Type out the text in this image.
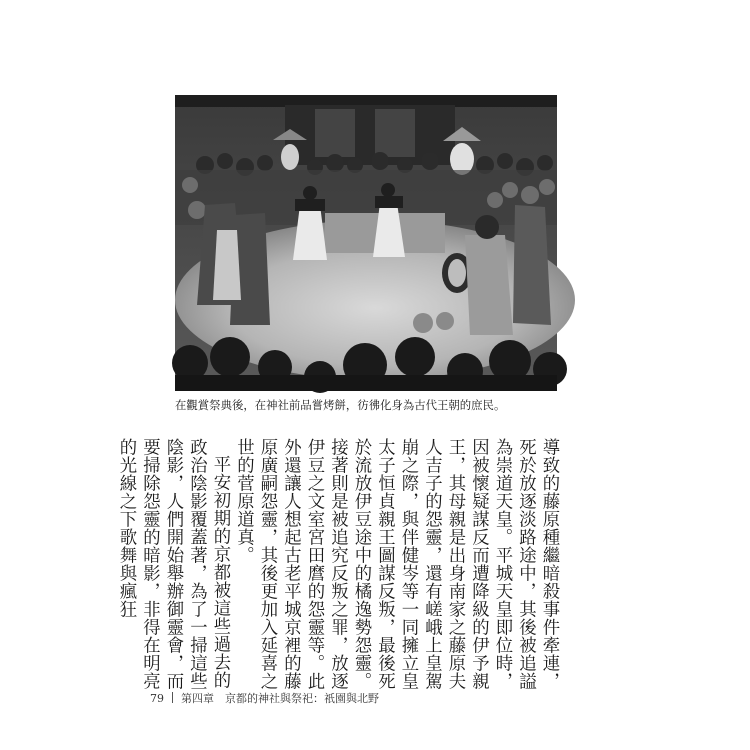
在觀賞祭典後，在神社前品嘗烤餅，彷彿化身為古代王朝的庶民。

導致的藤原種繼暗殺事件牽連，死於放逐淡路途中，其後被追謚為崇道天皇。平城天皇即位時，因被懷疑謀反而遭降級的伊予親王，其母親是出身南家之藤原夫人吉子的怨靈，還有嵯峨上皇駕崩之際，與伴健岑等一同擁立皇太子恒貞親王圖謀反叛，最後死於流放伊豆途中的橘逸勢怨靈。接著則是被追究反叛之罪，放逐伊豆之文室宮田麿的怨靈等。此外還讓人想起古老平城京裡的藤原廣嗣怨靈，其後更加入延喜之世的菅原道真。

平安初期的京都被這些過去的政治陰影覆蓋著，為了一掃這些陰影，人們開始舉辦御靈會，而要掃除怨靈的暗影，非得在明亮的光線之下歌舞與瘋狂

79 第四章　京都的神社與祭祀：祇園與北野
